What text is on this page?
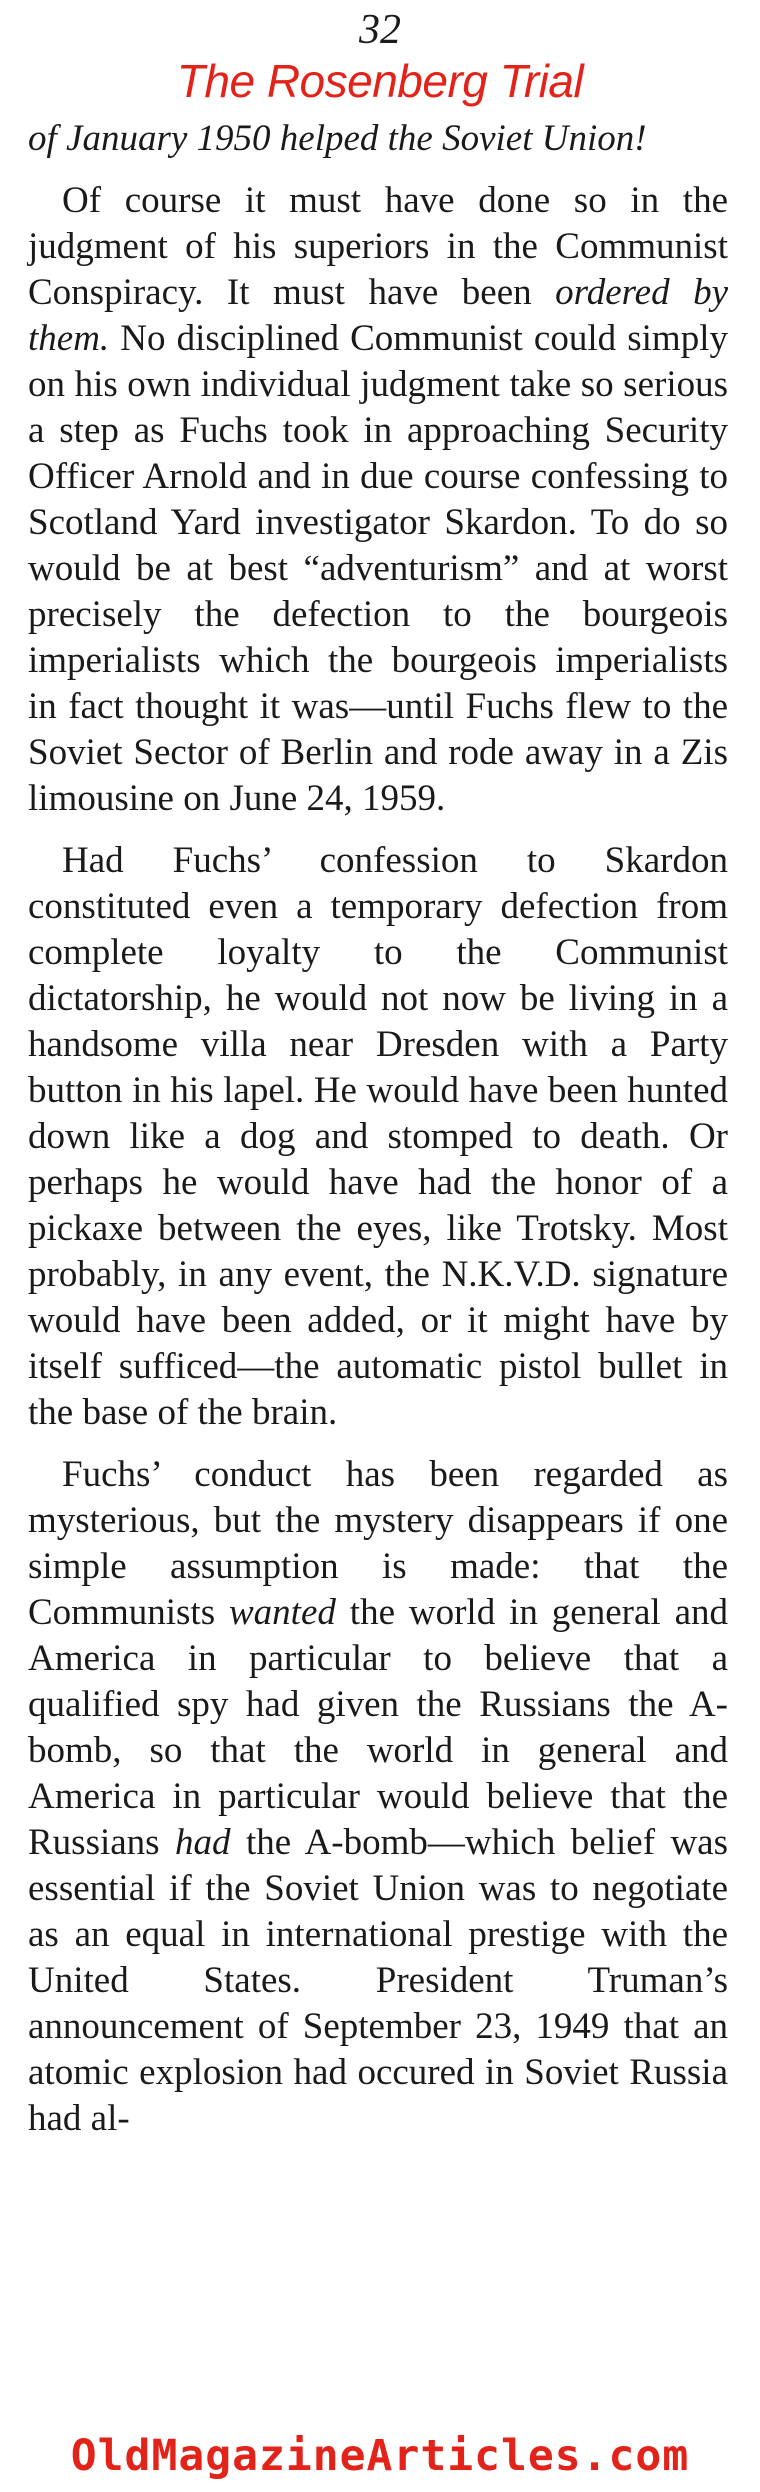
32
The Rosenberg Trial

of January 1950 helped the Soviet Union!

Of course it must have done so in the judgment of his superiors in the Communist Conspiracy. It must have been ordered by them. No disciplined Communist could simply on his own individual judgment take so serious a step as Fuchs took in approaching Security Officer Arnold and in due course confessing to Scotland Yard investigator Skardon. To do so would be at best “adventurism” and at worst precisely the defection to the bourgeois imperialists which the bourgeois imperialists in fact thought it was—until Fuchs flew to the Soviet Sector of Berlin and rode away in a Zis limousine on June 24, 1959.

Had Fuchs’ confession to Skardon constituted even a temporary defection from complete loyalty to the Communist dictatorship, he would not now be living in a handsome villa near Dresden with a Party button in his lapel. He would have been hunted down like a dog and stomped to death. Or perhaps he would have had the honor of a pickaxe between the eyes, like Trotsky. Most probably, in any event, the N.K.V.D. signature would have been added, or it might have by itself sufficed—the automatic pistol bullet in the base of the brain.

Fuchs’ conduct has been regarded as mysterious, but the mystery disappears if one simple assumption is made: that the Communists wanted the world in general and America in particular to believe that a qualified spy had given the Russians the A-bomb, so that the world in general and America in particular would believe that the Russians had the A-bomb—which belief was essential if the Soviet Union was to negotiate as an equal in international prestige with the United States. President Truman’s announcement of September 23, 1949 that an atomic explosion had occured in Soviet Russia had al-

OldMagazineArticles.com
